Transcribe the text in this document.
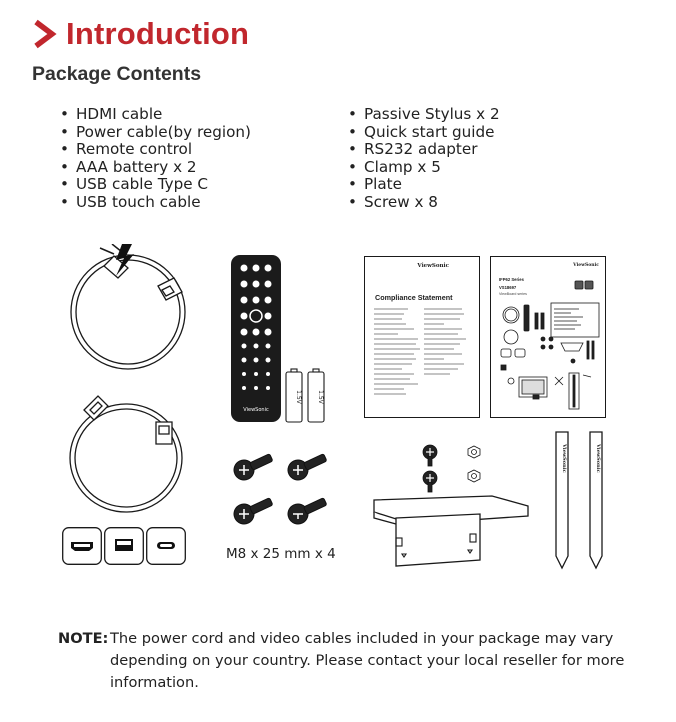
Introduction
Package Contents
• HDMI cable
• Power cable(by region)
• Remote control
• AAA battery x 2
• USB cable Type C
• USB touch cable
• Passive Stylus x 2
• Quick start guide
• RS232 adapter
• Clamp x 5
• Plate
• Screw x 8
ViewSonic
1.5V	1.5V
ViewSonic
Compliance Statement
ViewSonic
IFP62 Series
VS18697
ViewBoard series
M8 x 25 mm x 4
ViewSonic	ViewSonic
NOTE: The power cord and video cables included in your package may vary depending on your country. Please contact your local reseller for more information.
